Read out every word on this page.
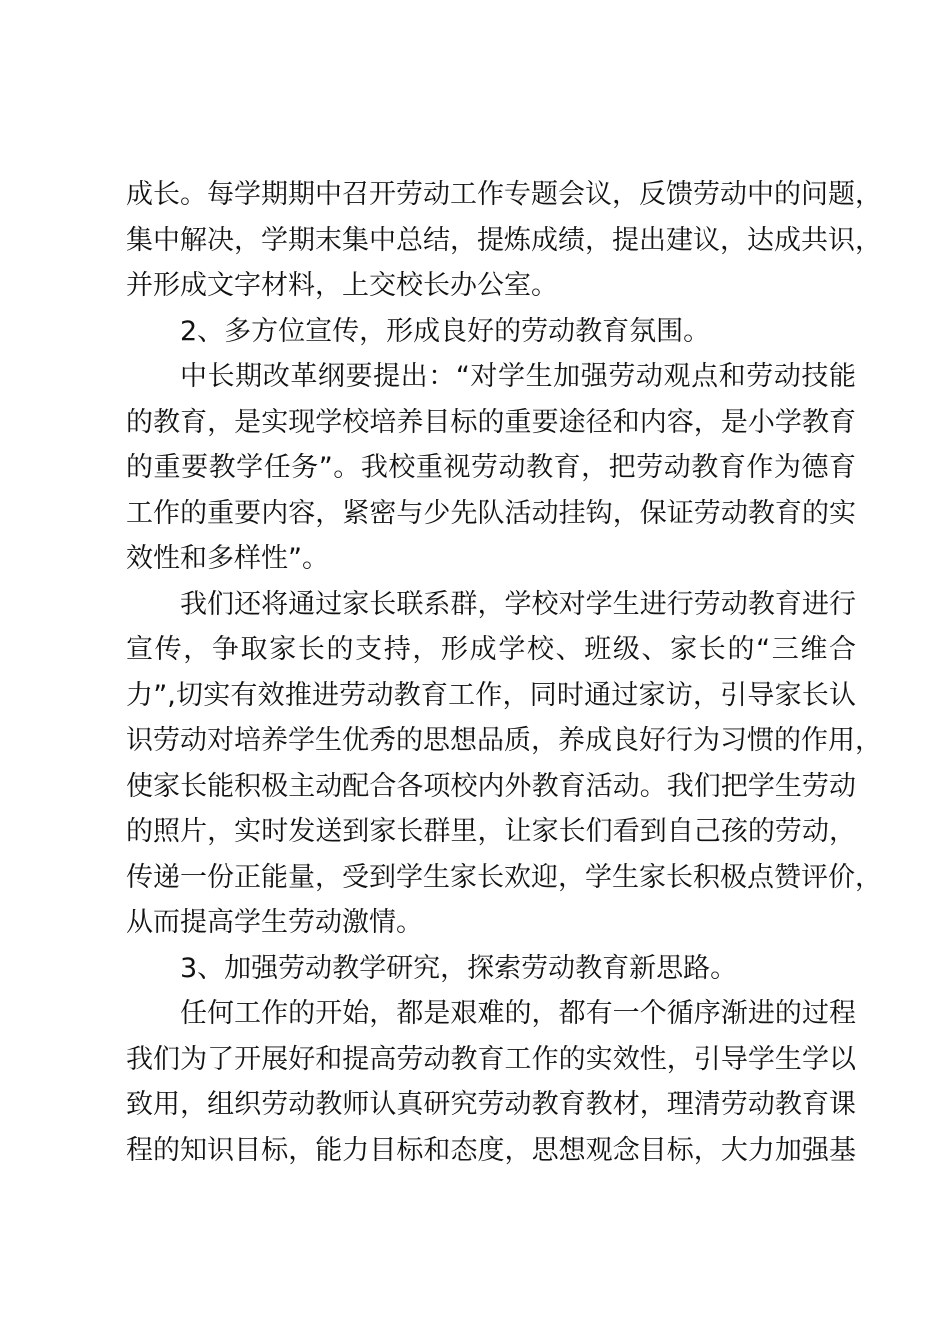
成长。每学期期中召开劳动工作专题会议，反馈劳动中的问题，
集中解决，学期末集中总结，提炼成绩，提出建议，达成共识，
并形成文字材料，上交校长办公室。
2、多方位宣传，形成良好的劳动教育氛围。
中长期改革纲要提出：“对学生加强劳动观点和劳动技能
的教育，是实现学校培养目标的重要途径和内容，是小学教育
的重要教学任务”。我校重视劳动教育，把劳动教育作为德育
工作的重要内容，紧密与少先队活动挂钩，保证劳动教育的实
效性和多样性”。
我们还将通过家长联系群，学校对学生进行劳动教育进行
宣传，争取家长的支持，形成学校、班级、家长的“三维合
力”,切实有效推进劳动教育工作，同时通过家访，引导家长认
识劳动对培养学生优秀的思想品质，养成良好行为习惯的作用，
使家长能积极主动配合各项校内外教育活动。我们把学生劳动
的照片，实时发送到家长群里，让家长们看到自己孩的劳动，
传递一份正能量，受到学生家长欢迎，学生家长积极点赞评价，
从而提高学生劳动激情。
3、加强劳动教学研究，探索劳动教育新思路。
任何工作的开始，都是艰难的，都有一个循序渐进的过程
我们为了开展好和提高劳动教育工作的实效性，引导学生学以
致用，组织劳动教师认真研究劳动教育教材，理清劳动教育课
程的知识目标，能力目标和态度，思想观念目标，大力加强基
